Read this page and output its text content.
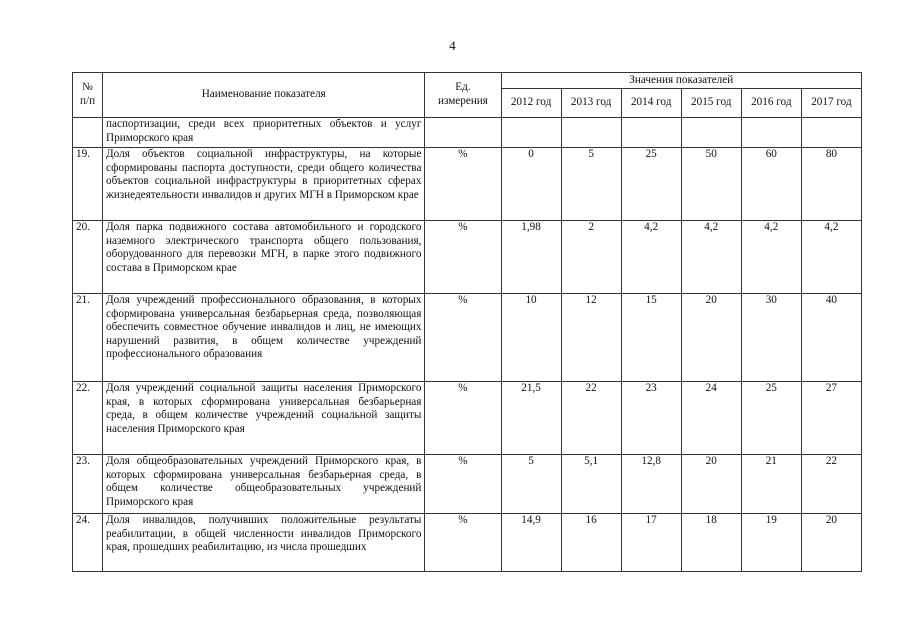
4
№
п/п	Наименование показателя	Ед.
измерения	Значения показателей					
			2012 год	2013 год	2014 год	2015 год	2016 год	2017 год
	паспортизации, среди всех приоритетных объектов и услуг Приморского края							
19.	Доля объектов социальной инфраструктуры, на которые сформированы паспорта доступности, среди общего количества объектов социальной инфраструктуры в приоритетных сферах жизнедеятельности инвалидов и других МГН в Приморском крае	%	0	5	25	50	60	80
20.	Доля парка подвижного состава автомобильного и городского наземного электрического транспорта общего пользования, оборудованного для перевозки МГН, в парке этого подвижного состава в Приморском крае	%	1,98	2	4,2	4,2	4,2	4,2
21.	Доля учреждений профессионального образования, в которых сформирована универсальная безбарьерная среда, позволяющая обеспечить совместное обучение инвалидов и лиц, не имеющих нарушений развития, в общем количестве учреждений профессионального образования	%	10	12	15	20	30	40
22.	Доля учреждений социальной защиты населения Приморского края, в которых сформирована универсальная безбарьерная среда, в общем количестве учреждений социальной защиты населения Приморского края	%	21,5	22	23	24	25	27
23.	Доля общеобразовательных учреждений Приморского края, в которых сформирована универсальная безбарьерная среда, в общем количестве общеобразовательных учреждений Приморского края	%	5	5,1	12,8	20	21	22
24.	Доля инвалидов, получивших положительные результаты реабилитации, в общей численности инвалидов Приморского края, прошедших реабилитацию, из числа прошедших	%	14,9	16	17	18	19	20
